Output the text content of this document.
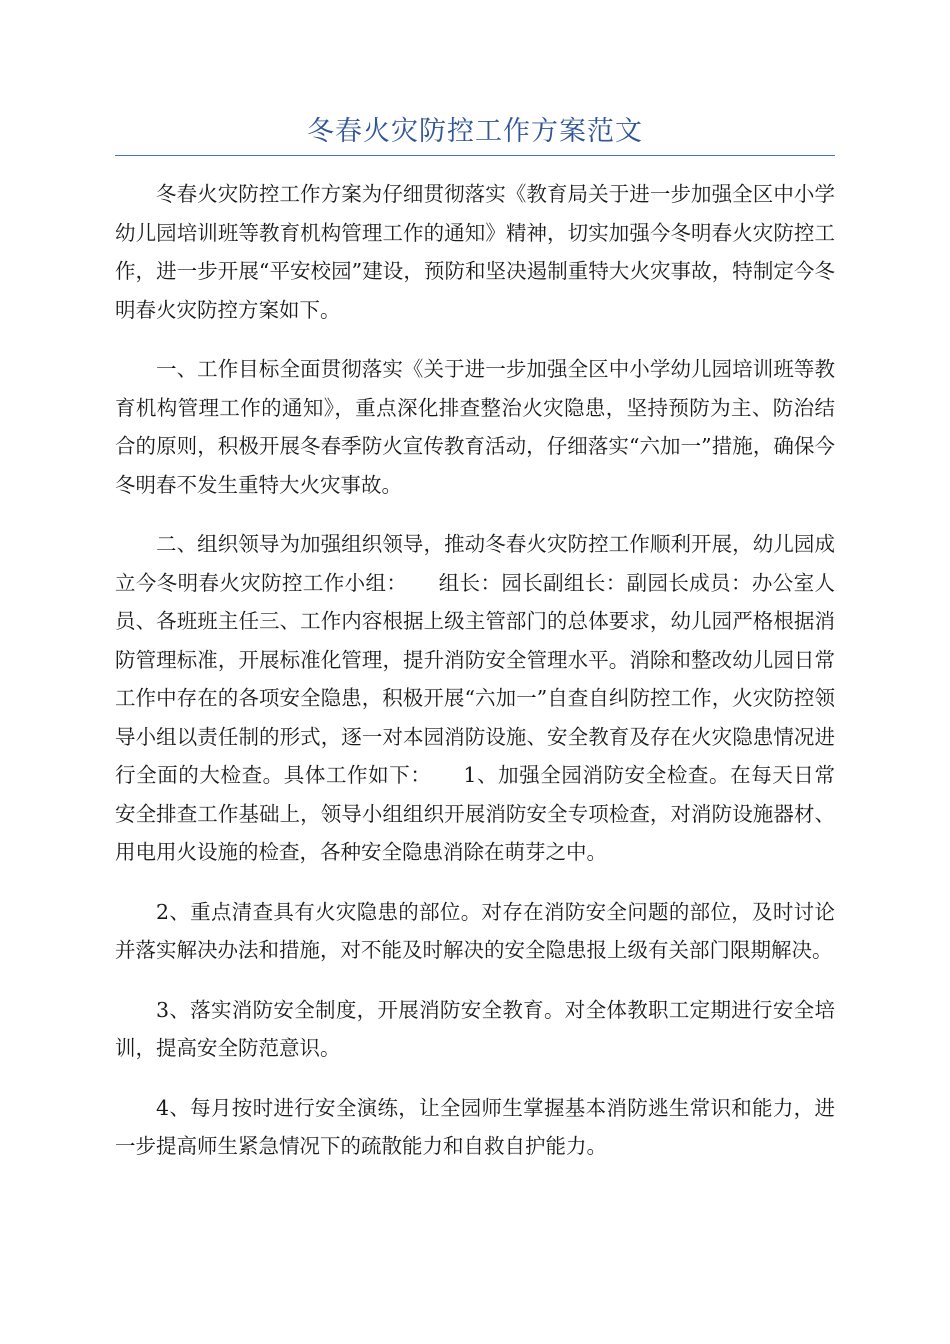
冬春火灾防控工作方案范文

冬春火灾防控工作方案为仔细贯彻落实《教育局关于进一步加强全区中小学幼儿园培训班等教育机构管理工作的通知》精神，切实加强今冬明春火灾防控工作，进一步开展“平安校园”建设，预防和坚决遏制重特大火灾事故，特制定今冬明春火灾防控方案如下。

一、工作目标全面贯彻落实《关于进一步加强全区中小学幼儿园培训班等教育机构管理工作的通知》，重点深化排查整治火灾隐患，坚持预防为主、防治结合的原则，积极开展冬春季防火宣传教育活动，仔细落实“六加一”措施，确保今冬明春不发生重特大火灾事故。

二、组织领导为加强组织领导，推动冬春火灾防控工作顺利开展，幼儿园成立今冬明春火灾防控工作小组：　　组长：园长副组长：副园长成员：办公室人员、各班班主任三、工作内容根据上级主管部门的总体要求，幼儿园严格根据消防管理标准，开展标准化管理，提升消防安全管理水平。消除和整改幼儿园日常工作中存在的各项安全隐患，积极开展“六加一”自查自纠防控工作，火灾防控领导小组以责任制的形式，逐一对本园消防设施、安全教育及存在火灾隐患情况进行全面的大检查。具体工作如下：　　1、加强全园消防安全检查。在每天日常安全排查工作基础上，领导小组组织开展消防安全专项检查，对消防设施器材、用电用火设施的检查，各种安全隐患消除在萌芽之中。

2、重点清查具有火灾隐患的部位。对存在消防安全问题的部位，及时讨论并落实解决办法和措施，对不能及时解决的安全隐患报上级有关部门限期解决。

3、落实消防安全制度，开展消防安全教育。对全体教职工定期进行安全培训，提高安全防范意识。

4、每月按时进行安全演练，让全园师生掌握基本消防逃生常识和能力，进一步提高师生紧急情况下的疏散能力和自救自护能力。
